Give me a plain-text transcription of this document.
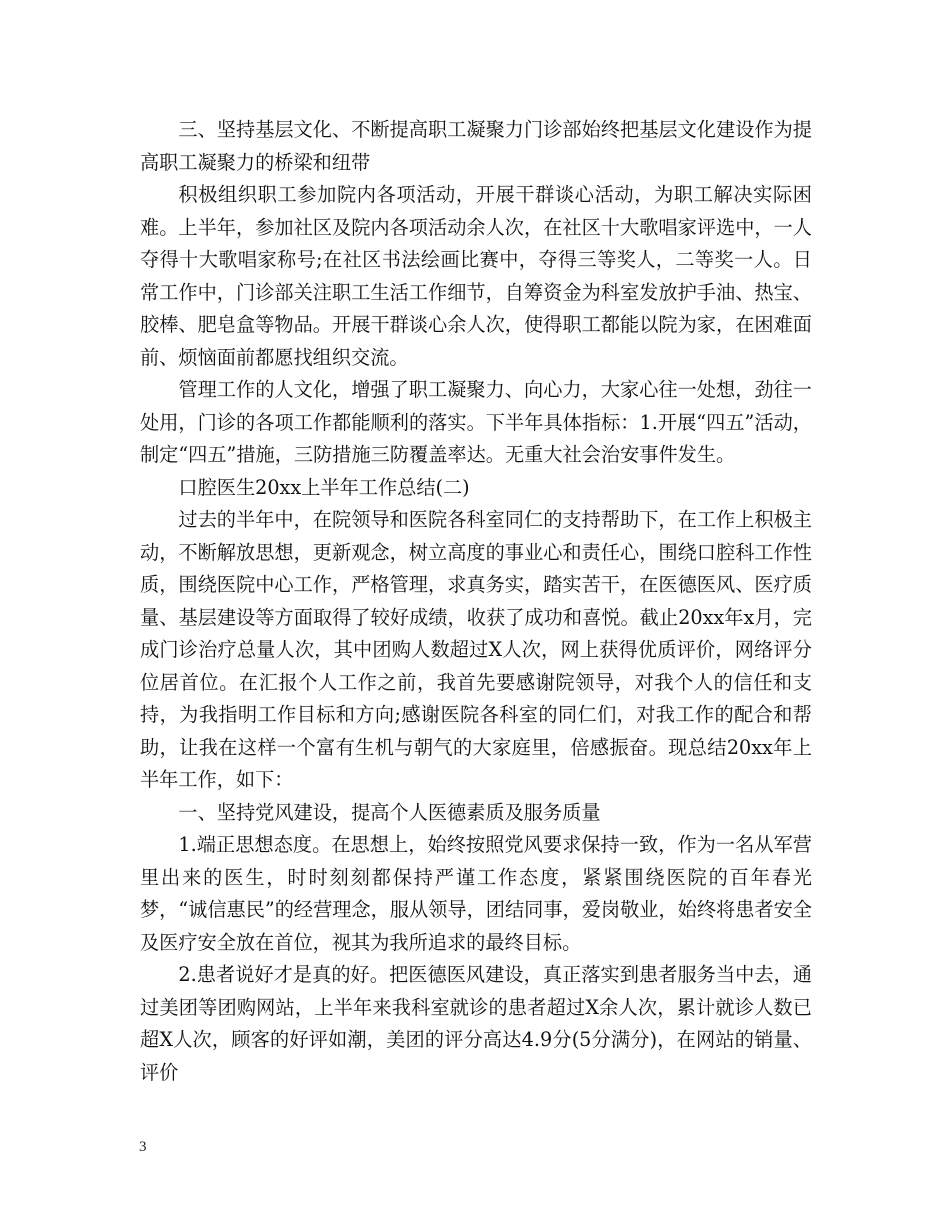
三、坚持基层文化、不断提高职工凝聚力门诊部始终把基层文化建设作为提高职工凝聚力的桥梁和纽带

积极组织职工参加院内各项活动，开展干群谈心活动，为职工解决实际困难。上半年，参加社区及院内各项活动余人次，在社区十大歌唱家评选中，一人夺得十大歌唱家称号;在社区书法绘画比赛中，夺得三等奖人，二等奖一人。日常工作中，门诊部关注职工生活工作细节，自筹资金为科室发放护手油、热宝、胶棒、肥皂盒等物品。开展干群谈心余人次，使得职工都能以院为家，在困难面前、烦恼面前都愿找组织交流。

管理工作的人文化，增强了职工凝聚力、向心力，大家心往一处想，劲往一处用，门诊的各项工作都能顺利的落实。下半年具体指标：1.开展“四五”活动，制定“四五”措施，三防措施三防覆盖率达。无重大社会治安事件发生。

口腔医生20xx上半年工作总结(二)

过去的半年中，在院领导和医院各科室同仁的支持帮助下，在工作上积极主动，不断解放思想，更新观念，树立高度的事业心和责任心，围绕口腔科工作性质，围绕医院中心工作，严格管理，求真务实，踏实苦干，在医德医风、医疗质量、基层建设等方面取得了较好成绩，收获了成功和喜悦。截止20xx年x月，完成门诊治疗总量人次，其中团购人数超过X人次，网上获得优质评价，网络评分位居首位。在汇报个人工作之前，我首先要感谢院领导，对我个人的信任和支持，为我指明工作目标和方向;感谢医院各科室的同仁们，对我工作的配合和帮助，让我在这样一个富有生机与朝气的大家庭里，倍感振奋。现总结20xx年上半年工作，如下：

一、坚持党风建设，提高个人医德素质及服务质量

1.端正思想态度。在思想上，始终按照党风要求保持一致，作为一名从军营里出来的医生，时时刻刻都保持严谨工作态度，紧紧围绕医院的百年春光梦，“诚信惠民”的经营理念，服从领导，团结同事，爱岗敬业，始终将患者安全及医疗安全放在首位，视其为我所追求的最终目标。

2.患者说好才是真的好。把医德医风建设，真正落实到患者服务当中去，通过美团等团购网站，上半年来我科室就诊的患者超过X余人次，累计就诊人数已超X人次，顾客的好评如潮，美团的评分高达4.9分(5分满分)，在网站的销量、评价

3
